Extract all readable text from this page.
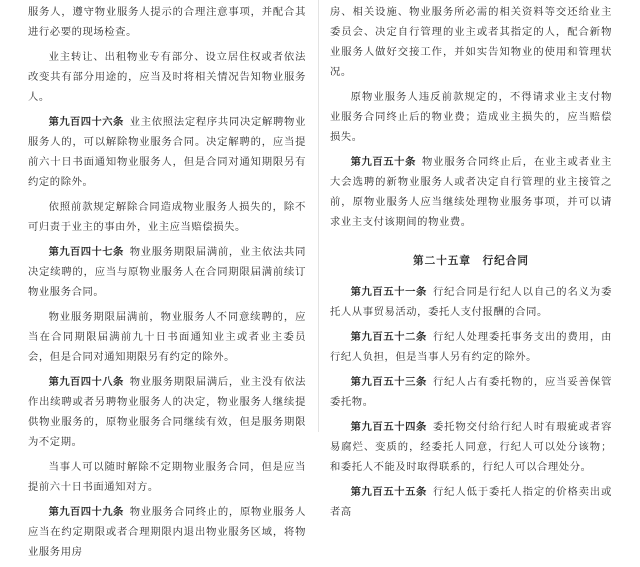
服务人，遵守物业服务人提示的合理注意事项，并配合其进行必要的现场检查。

业主转让、出租物业专有部分、设立居住权或者依法改变共有部分用途的，应当及时将相关情况告知物业服务人。

第九百四十六条 业主依照法定程序共同决定解聘物业服务人的，可以解除物业服务合同。决定解聘的，应当提前六十日书面通知物业服务人，但是合同对通知期限另有约定的除外。

依照前款规定解除合同造成物业服务人损失的，除不可归责于业主的事由外，业主应当赔偿损失。

第九百四十七条 物业服务期限届满前，业主依法共同决定续聘的，应当与原物业服务人在合同期限届满前续订物业服务合同。

物业服务期限届满前，物业服务人不同意续聘的，应当在合同期限届满前九十日书面通知业主或者业主委员会，但是合同对通知期限另有约定的除外。

第九百四十八条 物业服务期限届满后，业主没有依法作出续聘或者另聘物业服务人的决定，物业服务人继续提供物业服务的，原物业服务合同继续有效，但是服务期限为不定期。

当事人可以随时解除不定期物业服务合同，但是应当提前六十日书面通知对方。

第九百四十九条 物业服务合同终止的，原物业服务人应当在约定期限或者合理期限内退出物业服务区域，将物业服务用房

房、相关设施、物业服务所必需的相关资料等交还给业主委员会、决定自行管理的业主或者其指定的人，配合新物业服务人做好交接工作，并如实告知物业的使用和管理状况。

原物业服务人违反前款规定的，不得请求业主支付物业服务合同终止后的物业费；造成业主损失的，应当赔偿损失。

第九百五十条 物业服务合同终止后，在业主或者业主大会选聘的新物业服务人或者决定自行管理的业主接管之前，原物业服务人应当继续处理物业服务事项，并可以请求业主支付该期间的物业费。

第二十五章　行纪合同

第九百五十一条 行纪合同是行纪人以自己的名义为委托人从事贸易活动，委托人支付报酬的合同。

第九百五十二条 行纪人处理委托事务支出的费用，由行纪人负担，但是当事人另有约定的除外。

第九百五十三条 行纪人占有委托物的，应当妥善保管委托物。

第九百五十四条 委托物交付给行纪人时有瑕疵或者容易腐烂、变质的，经委托人同意，行纪人可以处分该物；和委托人不能及时取得联系的，行纪人可以合理处分。

第九百五十五条 行纪人低于委托人指定的价格卖出或者高
